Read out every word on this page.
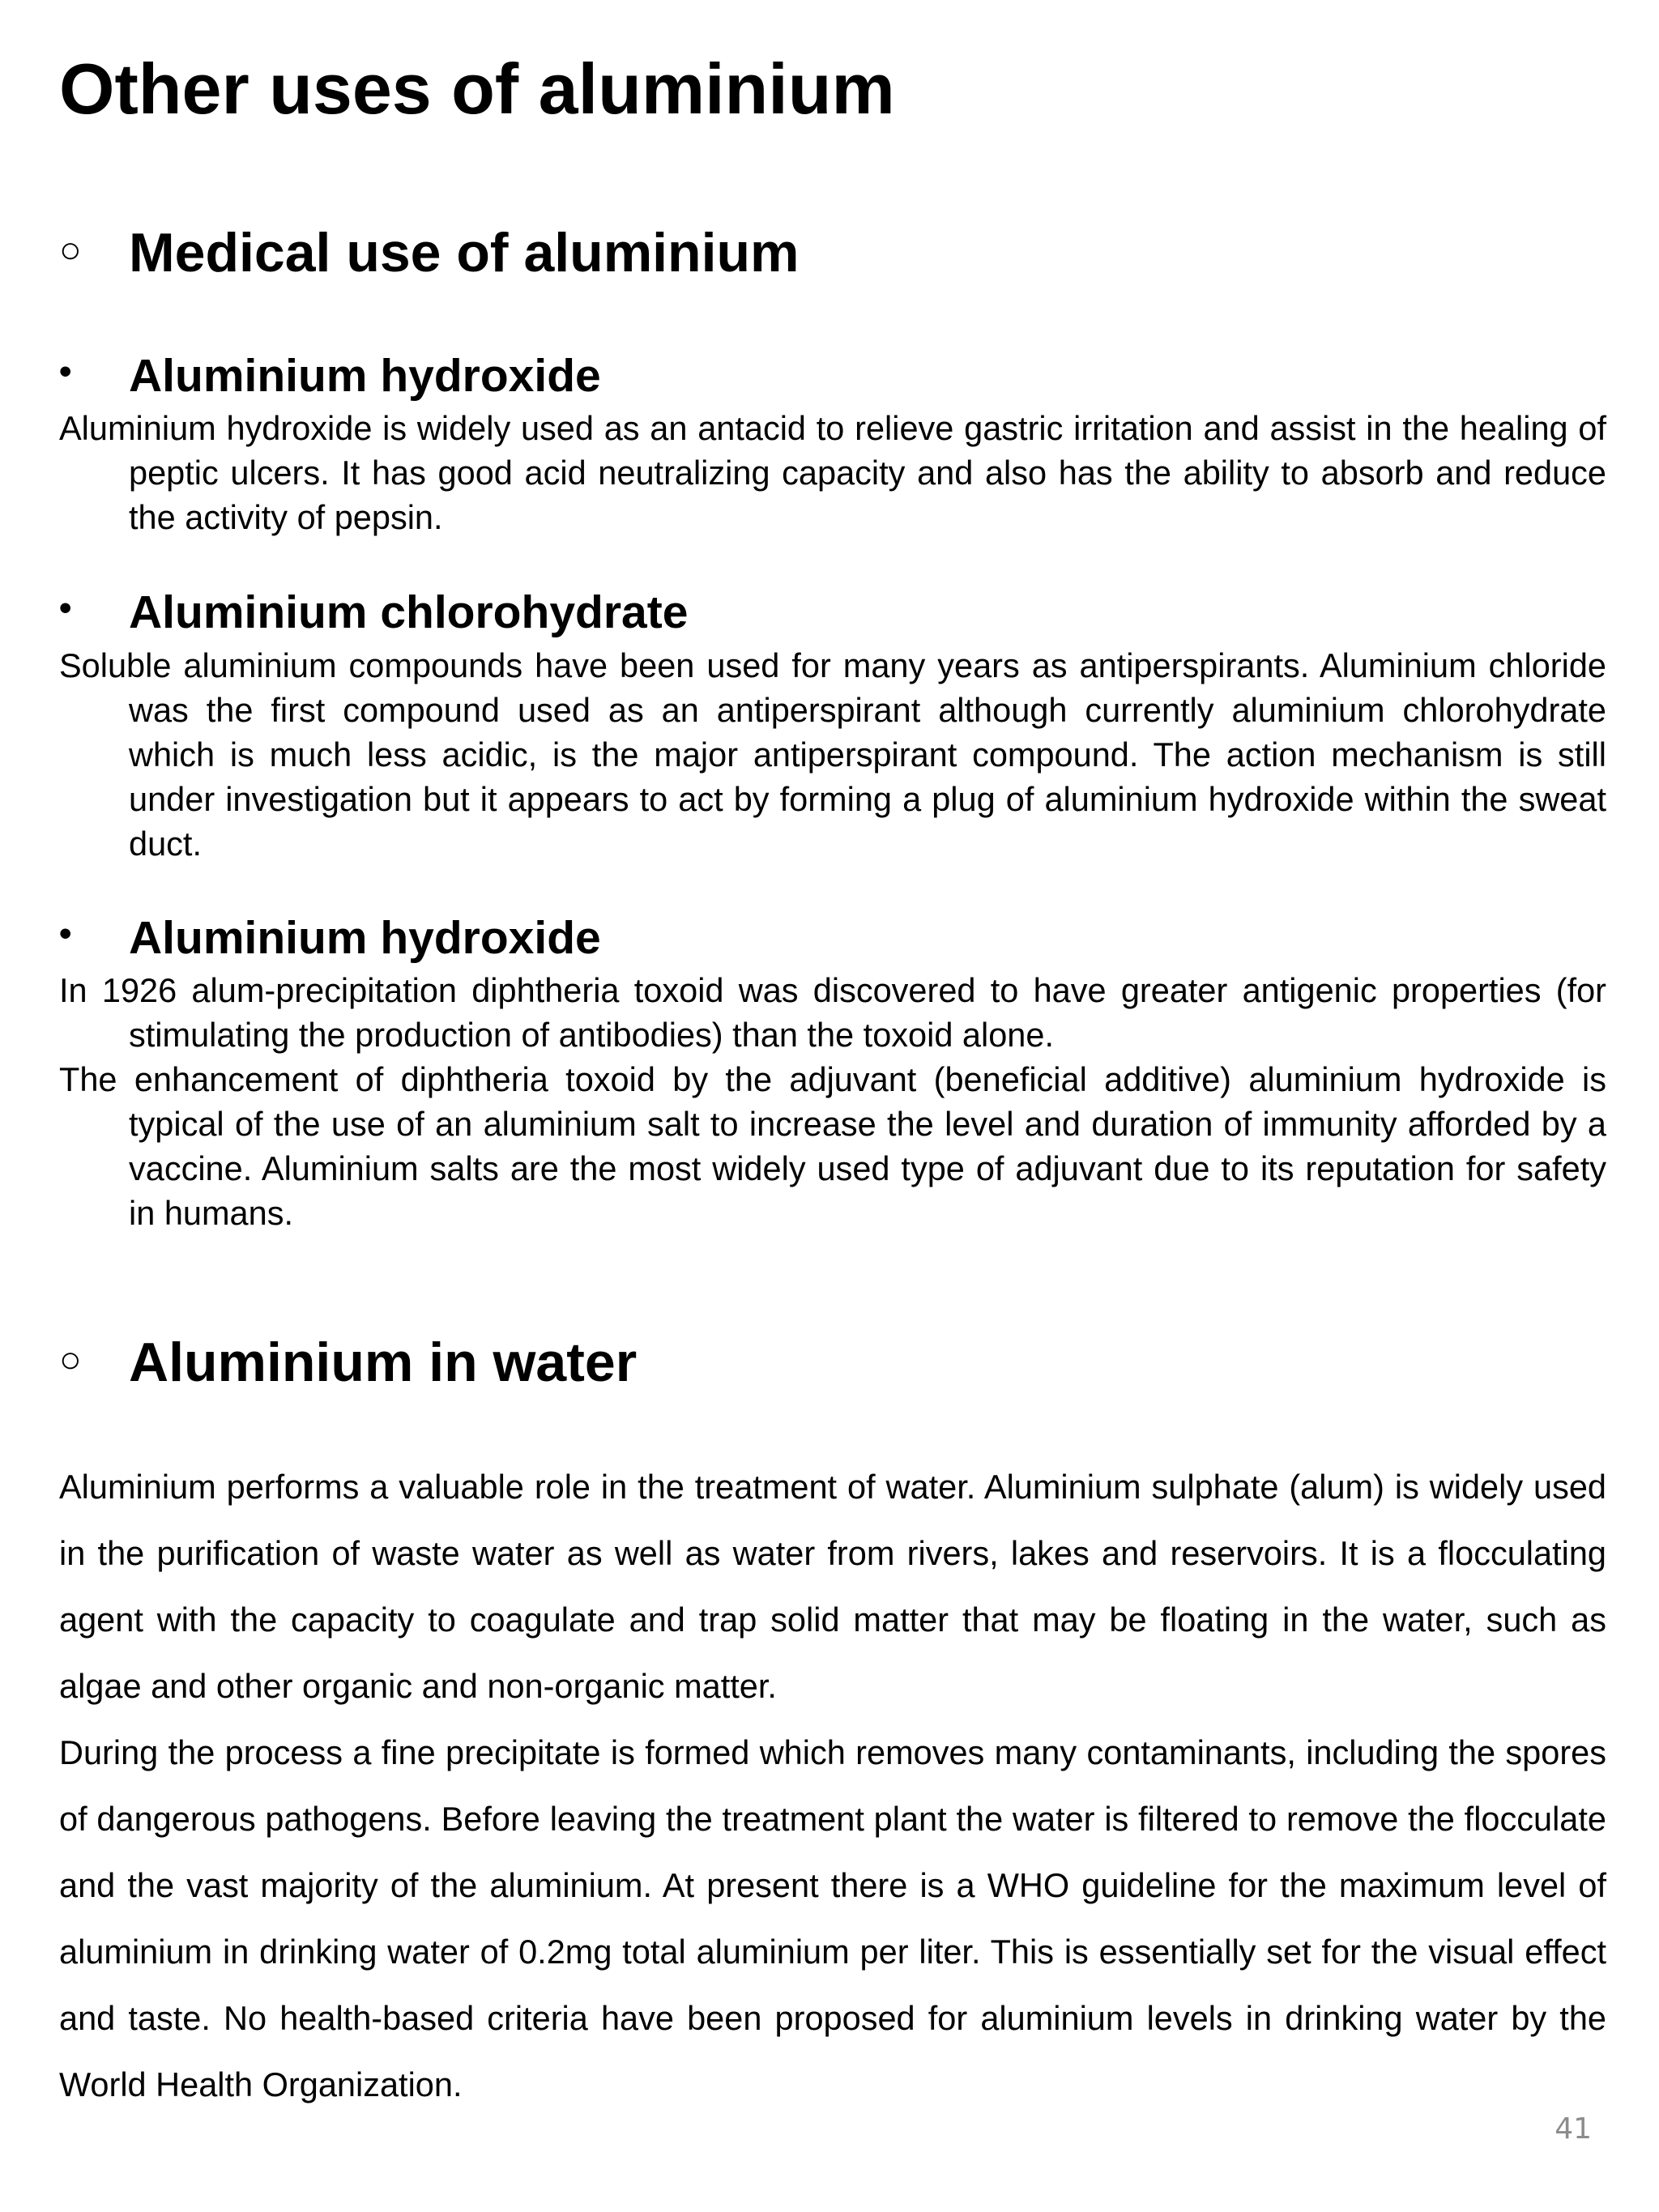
Other uses of aluminium
○ Medical use of aluminium
•	Aluminium hydroxide

Aluminium hydroxide is widely used as an antacid to relieve gastric irritation and assist in the healing of peptic ulcers. It has good acid neutralizing capacity and also has the ability to absorb and reduce the activity of pepsin.

•	Aluminium chlorohydrate

Soluble aluminium compounds have been used for many years as antiperspirants. Aluminium chloride was the first compound used as an antiperspirant although currently aluminium chlorohydrate which is much less acidic, is the major antiperspirant compound. The action mechanism is still under investigation but it appears to act by forming a plug of aluminium hydroxide within the sweat duct.

•	Aluminium hydroxide

In 1926 alum-precipitation diphtheria toxoid was discovered to have greater antigenic properties (for stimulating the production of antibodies) than the toxoid alone.

The enhancement of diphtheria toxoid by the adjuvant (beneficial additive) aluminium hydroxide is typical of the use of an aluminium salt to increase the level and duration of immunity afforded by a vaccine. Aluminium salts are the most widely used type of adjuvant due to its reputation for safety in humans.

○ Aluminium in water

Aluminium performs a valuable role in the treatment of water. Aluminium sulphate (alum) is widely used in the purification of waste water as well as water from rivers, lakes and reservoirs. It is a flocculating agent with the capacity to coagulate and trap solid matter that may be floating in the water, such as algae and other organic and non-organic matter.

During the process a fine precipitate is formed which removes many contaminants, including the spores of dangerous pathogens. Before leaving the treatment plant the water is filtered to remove the flocculate and the vast majority of the aluminium. At present there is a WHO guideline for the maximum level of aluminium in drinking water of 0.2mg total aluminium per liter. This is essentially set for the visual effect and taste. No health-based criteria have been proposed for aluminium levels in drinking water by the World Health Organization.

41
